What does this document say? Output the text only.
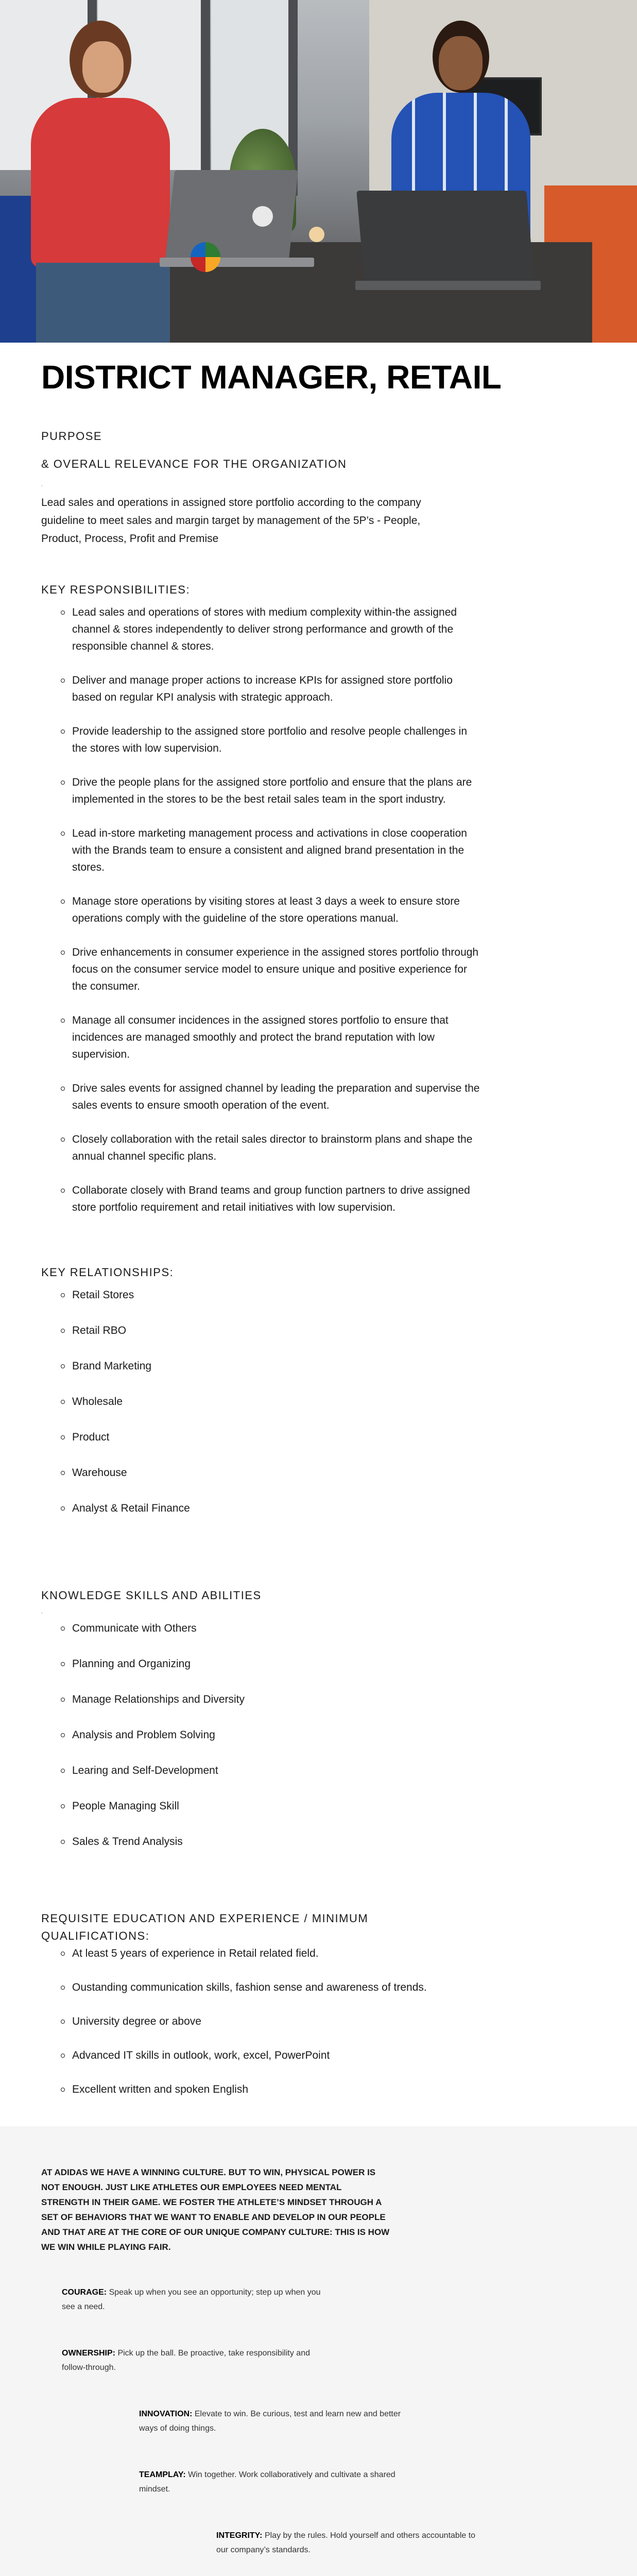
DISTRICT MANAGER, RETAIL

PURPOSE

& OVERALL RELEVANCE FOR THE ORGANIZATION

‚

Lead sales and operations in assigned store portfolio according to the company guideline to meet sales and margin target by management of the 5P’s - People, Product, Process, Profit and Premise

KEY RESPONSIBILITIES:

Lead sales and operations of stores with medium complexity within-the assigned channel & stores independently to deliver strong performance and growth of the responsible channel & stores.
Deliver and manage proper actions to increase KPIs for assigned store portfolio based on regular KPI analysis with strategic approach.
Provide leadership to the assigned store portfolio and resolve people challenges in the stores with low supervision.
Drive the people plans for the assigned store portfolio and ensure that the plans are implemented in the stores to be the best retail sales team in the sport industry.
Lead in-store marketing management process and activations in close cooperation with the Brands team to ensure a consistent and aligned brand presentation in the stores.
Manage store operations by visiting stores at least 3 days a week to ensure store operations comply with the guideline of the store operations manual.
Drive enhancements in consumer experience in the assigned stores portfolio through focus on the consumer service model to ensure unique and positive experience for the consumer.
Manage all consumer incidences in the assigned stores portfolio to ensure that incidences are managed smoothly and protect the brand reputation with low supervision.
Drive sales events for assigned channel by leading the preparation and supervise the sales events to ensure smooth operation of the event.
Closely collaboration with the retail sales director to brainstorm plans and shape the annual channel specific plans.
Collaborate closely with Brand teams and group function partners to drive assigned store portfolio requirement and retail initiatives with low supervision.

KEY RELATIONSHIPS:

Retail Stores
Retail RBO
Brand Marketing
Wholesale
Product
Warehouse
Analyst & Retail Finance

KNOWLEDGE SKILLS AND ABILITIES

‚
Communicate with Others
Planning and Organizing
Manage Relationships and Diversity
Analysis and Problem Solving
Learing and Self-Development
People Managing Skill
Sales & Trend Analysis

REQUISITE EDUCATION AND EXPERIENCE / MINIMUM

QUALIFICATIONS:

At least 5 years of experience in Retail related field.
Oustanding communication skills, fashion sense and awareness of trends.
University degree or above
Advanced IT skills in outlook, work, excel, PowerPoint
Excellent written and spoken English

AT ADIDAS WE HAVE A WINNING CULTURE. BUT TO WIN, PHYSICAL POWER IS NOT ENOUGH. JUST LIKE ATHLETES OUR EMPLOYEES NEED MENTAL STRENGTH IN THEIR GAME. WE FOSTER THE ATHLETE’S MINDSET THROUGH A SET OF BEHAVIORS THAT WE WANT TO ENABLE AND DEVELOP IN OUR PEOPLE AND THAT ARE AT THE CORE OF OUR UNIQUE COMPANY CULTURE: THIS IS HOW WE WIN WHILE PLAYING FAIR.

COURAGE: Speak up when you see an opportunity; step up when you see a need.
OWNERSHIP: Pick up the ball. Be proactive, take responsibility and follow-through.
INNOVATION: Elevate to win. Be curious, test and learn new and better ways of doing things.
TEAMPLAY: Win together. Work collaboratively and cultivate a shared mindset.
INTEGRITY: Play by the rules. Hold yourself and others accountable to our company’s standards.
